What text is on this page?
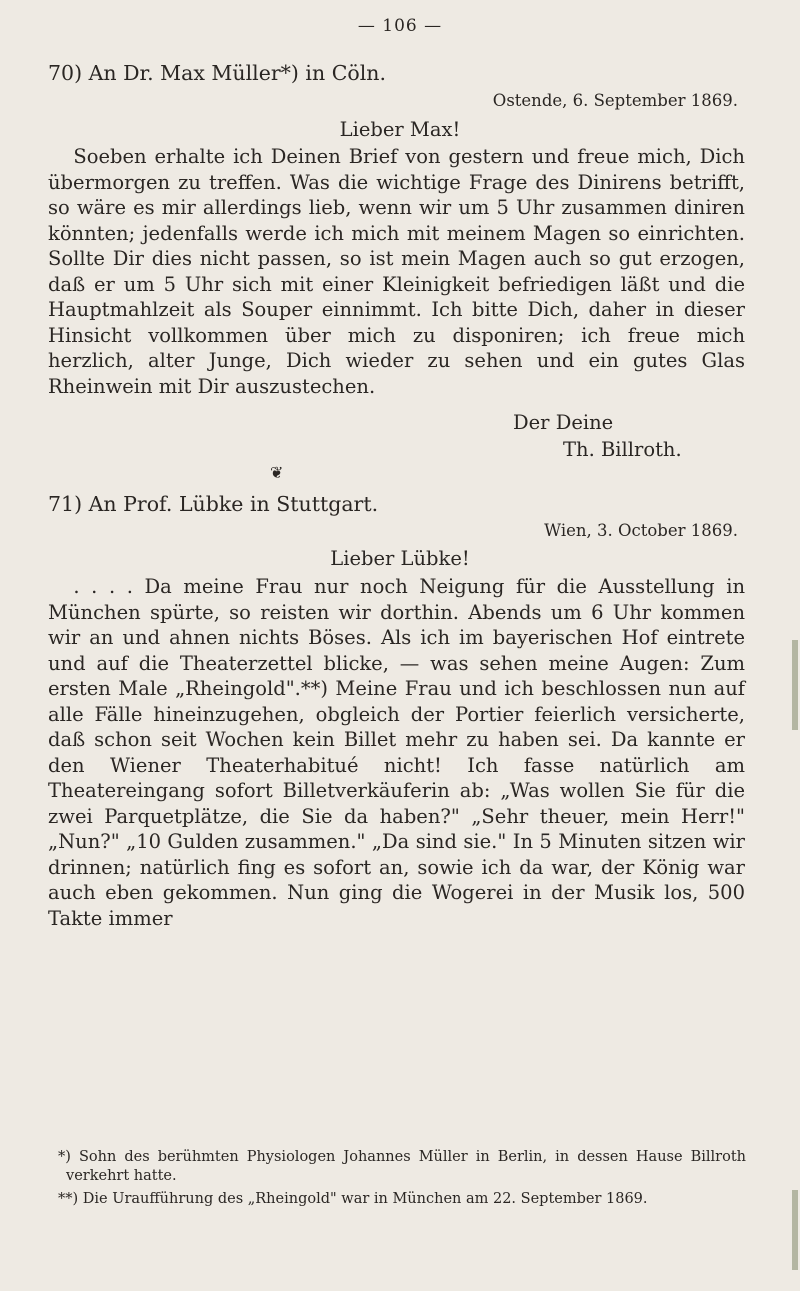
— 106 —

70) An Dr. Max Müller*) in Cöln.

Ostende, 6. September 1869.

Lieber Max!

Soeben erhalte ich Deinen Brief von gestern und freue mich, Dich übermorgen zu treffen. Was die wichtige Frage des Dinirens betrifft, so wäre es mir allerdings lieb, wenn wir um 5 Uhr zusammen diniren könnten; jedenfalls werde ich mich mit meinem Magen so einrichten. Sollte Dir dies nicht passen, so ist mein Magen auch so gut erzogen, daß er um 5 Uhr sich mit einer Kleinigkeit befriedigen läßt und die Hauptmahlzeit als Souper einnimmt. Ich bitte Dich, daher in dieser Hinsicht vollkommen über mich zu disponiren; ich freue mich herzlich, alter Junge, Dich wieder zu sehen und ein gutes Glas Rheinwein mit Dir auszustechen.

Der Deine

Th. Billroth.

❦

71) An Prof. Lübke in Stuttgart.

Wien, 3. October 1869.

Lieber Lübke!

. . . . Da meine Frau nur noch Neigung für die Ausstellung in München spürte, so reisten wir dorthin. Abends um 6 Uhr kommen wir an und ahnen nichts Böses. Als ich im bayerischen Hof eintrete und auf die Theaterzettel blicke, — was sehen meine Augen: Zum ersten Male „Rheingold".**) Meine Frau und ich beschlossen nun auf alle Fälle hineinzugehen, obgleich der Portier feierlich versicherte, daß schon seit Wochen kein Billet mehr zu haben sei. Da kannte er den Wiener Theaterhabitué nicht! Ich fasse natürlich am Theatereingang sofort Billetverkäuferin ab: „Was wollen Sie für die zwei Parquetplätze, die Sie da haben?" „Sehr theuer, mein Herr!" „Nun?" „10 Gulden zusammen." „Da sind sie." In 5 Minuten sitzen wir drinnen; natürlich fing es sofort an, sowie ich da war, der König war auch eben gekommen. Nun ging die Wogerei in der Musik los, 500 Takte immer

*) Sohn des berühmten Physiologen Johannes Müller in Berlin, in dessen Hause Billroth verkehrt hatte.

**) Die Uraufführung des „Rheingold" war in München am 22. September 1869.
